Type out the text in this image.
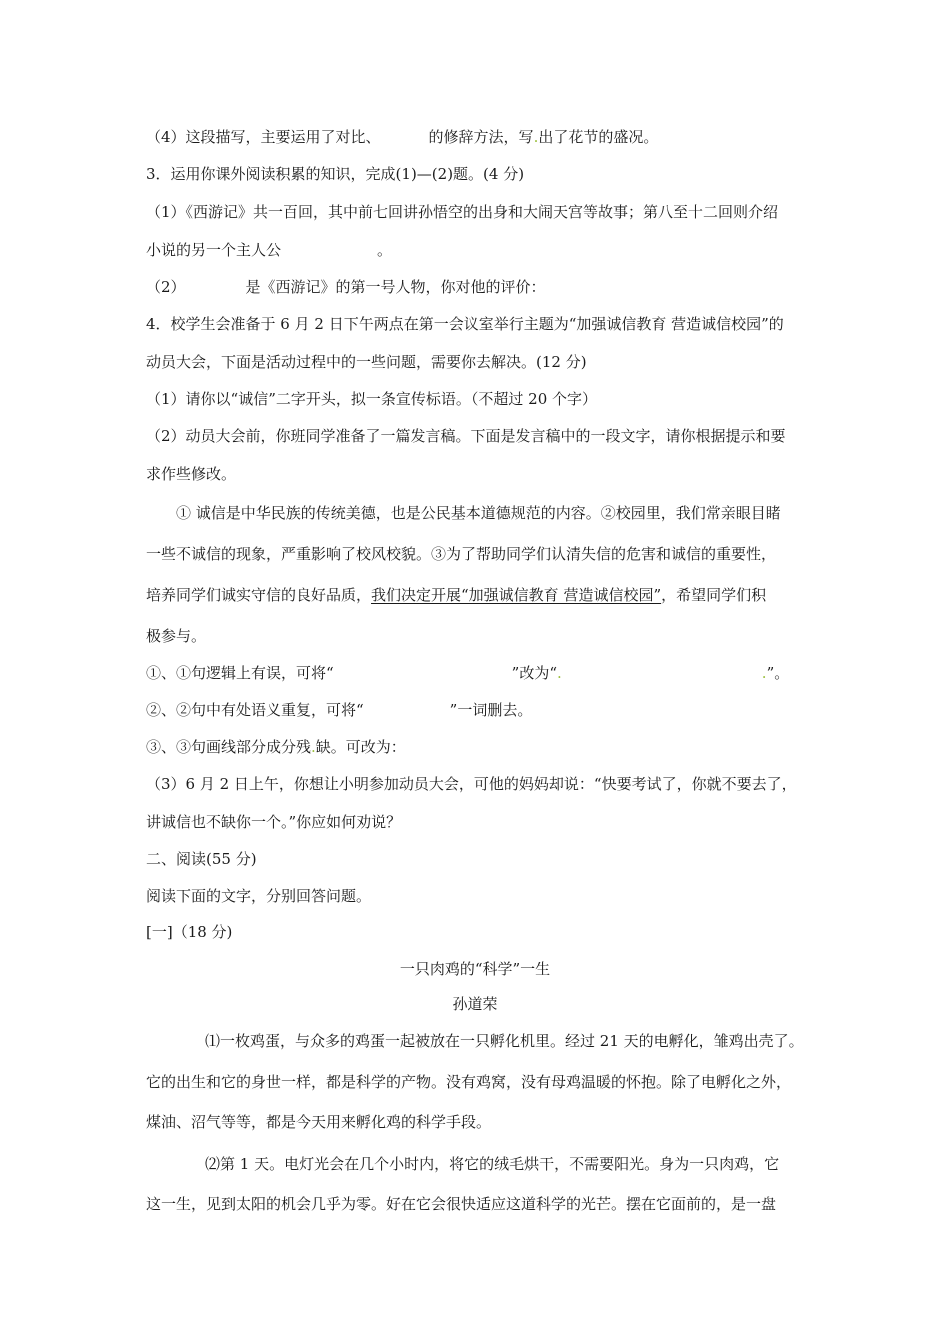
（4）这段描写，主要运用了对比、	的修辞方法，写.出了花节的盛况。
3．运用你课外阅读积累的知识，完成(1)—(2)题。(4 分)
（1）《西游记》共一百回，其中前七回讲孙悟空的出身和大闹天宫等故事；第八至十二回则介绍
小说的另一个主人公	。
（2）	是《西游记》的第一号人物，你对他的评价：
4．校学生会准备于 6 月 2 日下午两点在第一会议室举行主题为“加强诚信教育 营造诚信校园”的
动员大会，下面是活动过程中的一些问题，需要你去解决。(12 分)
（1）请你以“诚信”二字开头，拟一条宣传标语。（不超过 20 个字）
（2）动员大会前，你班同学准备了一篇发言稿。下面是发言稿中的一段文字，请你根据提示和要
求作些修改。
① 诚信是中华民族的传统美德，也是公民基本道德规范的内容。②校园里，我们常亲眼目睹
一些不诚信的现象，严重影响了校风校貌。③为了帮助同学们认清失信的危害和诚信的重要性，
培养同学们诚实守信的良好品质，我们决定开展“加强诚信教育 营造诚信校园”，希望同学们积
极参与。
①、①句逻辑上有误，可将“	”改为“.	.”。
②、②句中有处语义重复，可将“	”一词删去。
③、③句画线部分成分残.缺。可改为：
（3）6 月 2 日上午，你想让小明参加动员大会，可他的妈妈却说：“快要考试了，你就不要去了，
讲诚信也不缺你一个。”你应如何劝说？
二、阅读(55 分)
阅读下面的文字，分别回答问题。
[一]（18 分)
一只肉鸡的“科学”一生
孙道荣
⑴一枚鸡蛋，与众多的鸡蛋一起被放在一只孵化机里。经过 21 天的电孵化，雏鸡出壳了。
它的出生和它的身世一样，都是科学的产物。没有鸡窝，没有母鸡温暖的怀抱。除了电孵化之外，
煤油、沼气等等，都是今天用来孵化鸡的科学手段。
⑵第 1 天。电灯光会在几个小时内，将它的绒毛烘干，不需要阳光。身为一只肉鸡，它
这一生，见到太阳的机会几乎为零。好在它会很快适应这道科学的光芒。摆在它面前的，是一盘
